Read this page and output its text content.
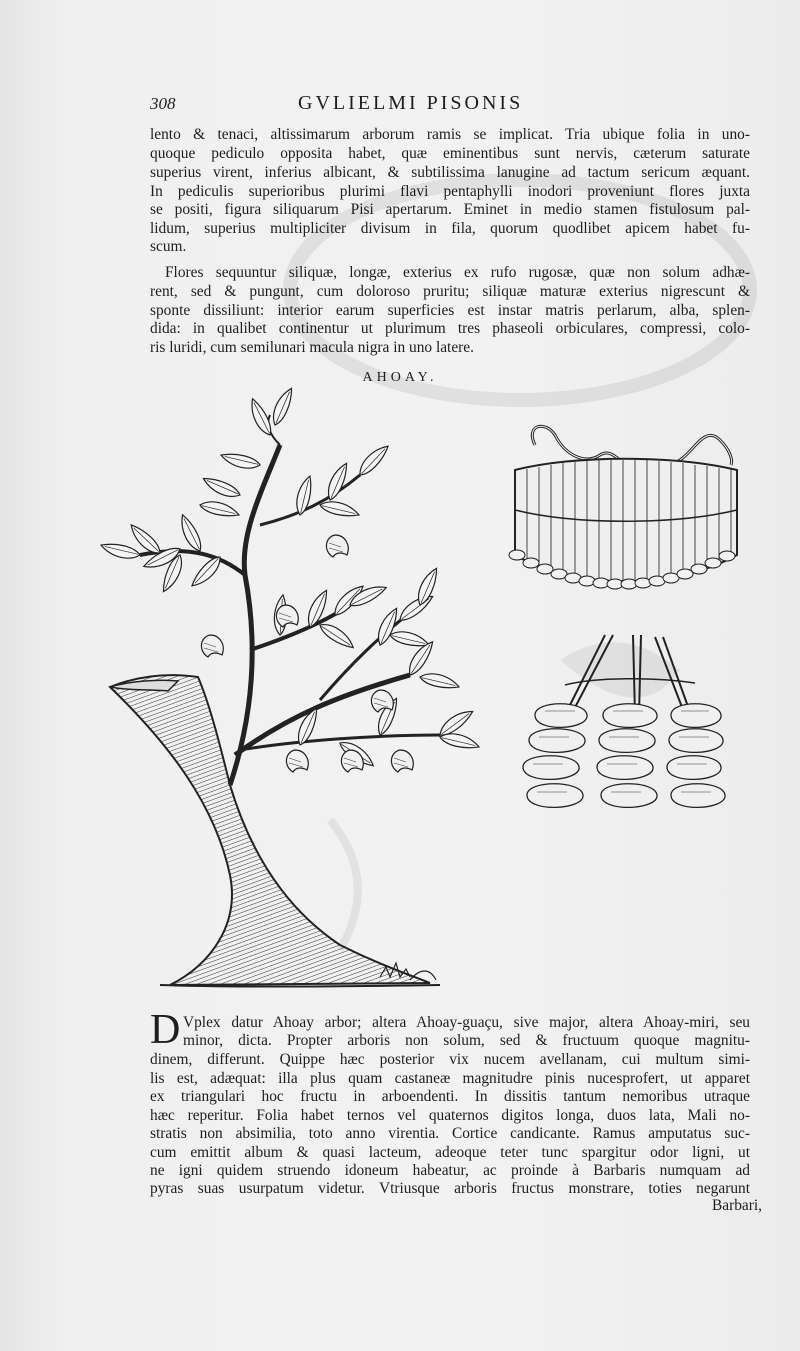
308	GVLIELMI PISONIS

lento & tenaci, altissimarum arborum ramis se implicat. Tria ubique folia in uno-

quoque pediculo opposita habet, quæ eminentibus sunt nervis, cæterum saturate

superius virent, inferius albicant, & subtilissima lanugine ad tactum sericum æquant.

In pediculis superioribus plurimi flavi pentaphylli inodori proveniunt flores juxta

se positi, figura siliquarum Pisi apertarum. Eminet in medio stamen fistulosum pal-

lidum, superius multipliciter divisum in fila, quorum quodlibet apicem habet fu-

scum.

Flores sequuntur siliquæ, longæ, exterius ex rufo rugosæ, quæ non solum adhæ-

rent, sed & pungunt, cum doloroso pruritu; siliquæ maturæ exterius nigrescunt &

sponte dissiliunt: interior earum superficies est instar matris perlarum, alba, splen-

dida: in qualibet continentur ut plurimum tres phaseoli orbiculares, compressi, colo-

ris luridi, cum semilunari macula nigra in uno latere.

AHOAY.
D Vplex datur Ahoay arbor; altera Ahoay-guaçu, sive major, altera Ahoay-miri, seu

minor, dicta. Propter arboris non solum, sed & fructuum quoque magnitu-

dinem, differunt. Quippe hæc posterior vix nucem avellanam, cui multum simi-

lis est, adæquat: illa plus quam castaneæ magnitudre pinis nucesprofert, ut apparet

ex triangulari hoc fructu in arboendenti. In dissitis tantum nemoribus utraque

hæc reperitur. Folia habet ternos vel quaternos digitos longa, duos lata, Mali no-

stratis non absimilia, toto anno virentia. Cortice candicante. Ramus amputatus suc-

cum emittit album & quasi lacteum, adeoque teter tunc spargitur odor ligni, ut

ne igni quidem struendo idoneum habeatur, ac proinde à Barbaris numquam ad

pyras suas usurpatum videtur. Vtriusque arboris fructus monstrare, toties negarunt

Barbari,
